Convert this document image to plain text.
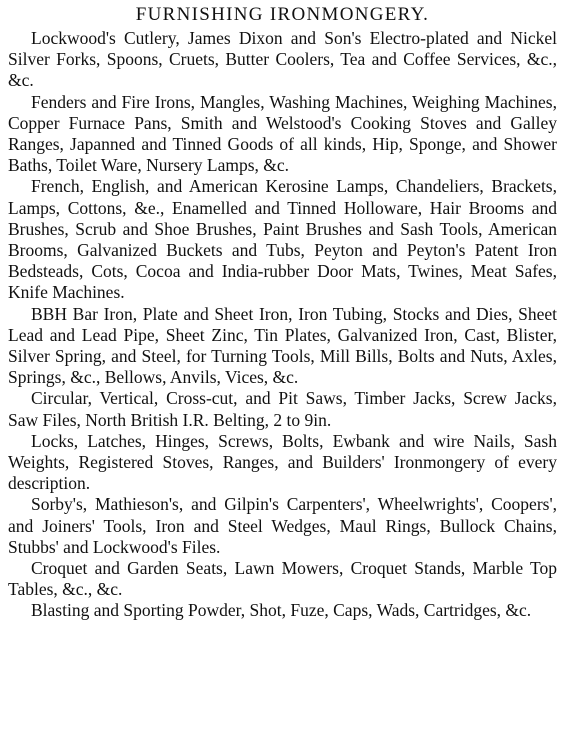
FURNISHING IRONMONGERY.

Lockwood's Cutlery, James Dixon and Son's Electro-plated and Nickel Silver Forks, Spoons, Cruets, Butter Coolers, Tea and Coffee Services, &c., &c.

Fenders and Fire Irons, Mangles, Washing Machines, Weighing Machines, Copper Furnace Pans, Smith and Welstood's Cooking Stoves and Galley Ranges, Japanned and Tinned Goods of all kinds, Hip, Sponge, and Shower Baths, Toilet Ware, Nursery Lamps, &c.

French, English, and American Kerosine Lamps, Chandeliers, Brackets, Lamps, Cottons, &e., Enamelled and Tinned Holloware, Hair Brooms and Brushes, Scrub and Shoe Brushes, Paint Brushes and Sash Tools, American Brooms, Galvanized Buckets and Tubs, Peyton and Peyton's Patent Iron Bedsteads, Cots, Cocoa and India-rubber Door Mats, Twines, Meat Safes, Knife Machines.

BBH Bar Iron, Plate and Sheet Iron, Iron Tubing, Stocks and Dies, Sheet Lead and Lead Pipe, Sheet Zinc, Tin Plates, Galvanized Iron, Cast, Blister, Silver Spring, and Steel, for Turning Tools, Mill Bills, Bolts and Nuts, Axles, Springs, &c., Bellows, Anvils, Vices, &c.

Circular, Vertical, Cross-cut, and Pit Saws, Timber Jacks, Screw Jacks, Saw Files, North British I.R. Belting, 2 to 9in.

Locks, Latches, Hinges, Screws, Bolts, Ewbank and wire Nails, Sash Weights, Registered Stoves, Ranges, and Builders' Ironmongery of every description.

Sorby's, Mathieson's, and Gilpin's Carpenters', Wheelwrights', Coopers', and Joiners' Tools, Iron and Steel Wedges, Maul Rings, Bullock Chains, Stubbs' and Lockwood's Files.

Croquet and Garden Seats, Lawn Mowers, Croquet Stands, Marble Top Tables, &c., &c.

Blasting and Sporting Powder, Shot, Fuze, Caps, Wads, Cartridges, &c.
